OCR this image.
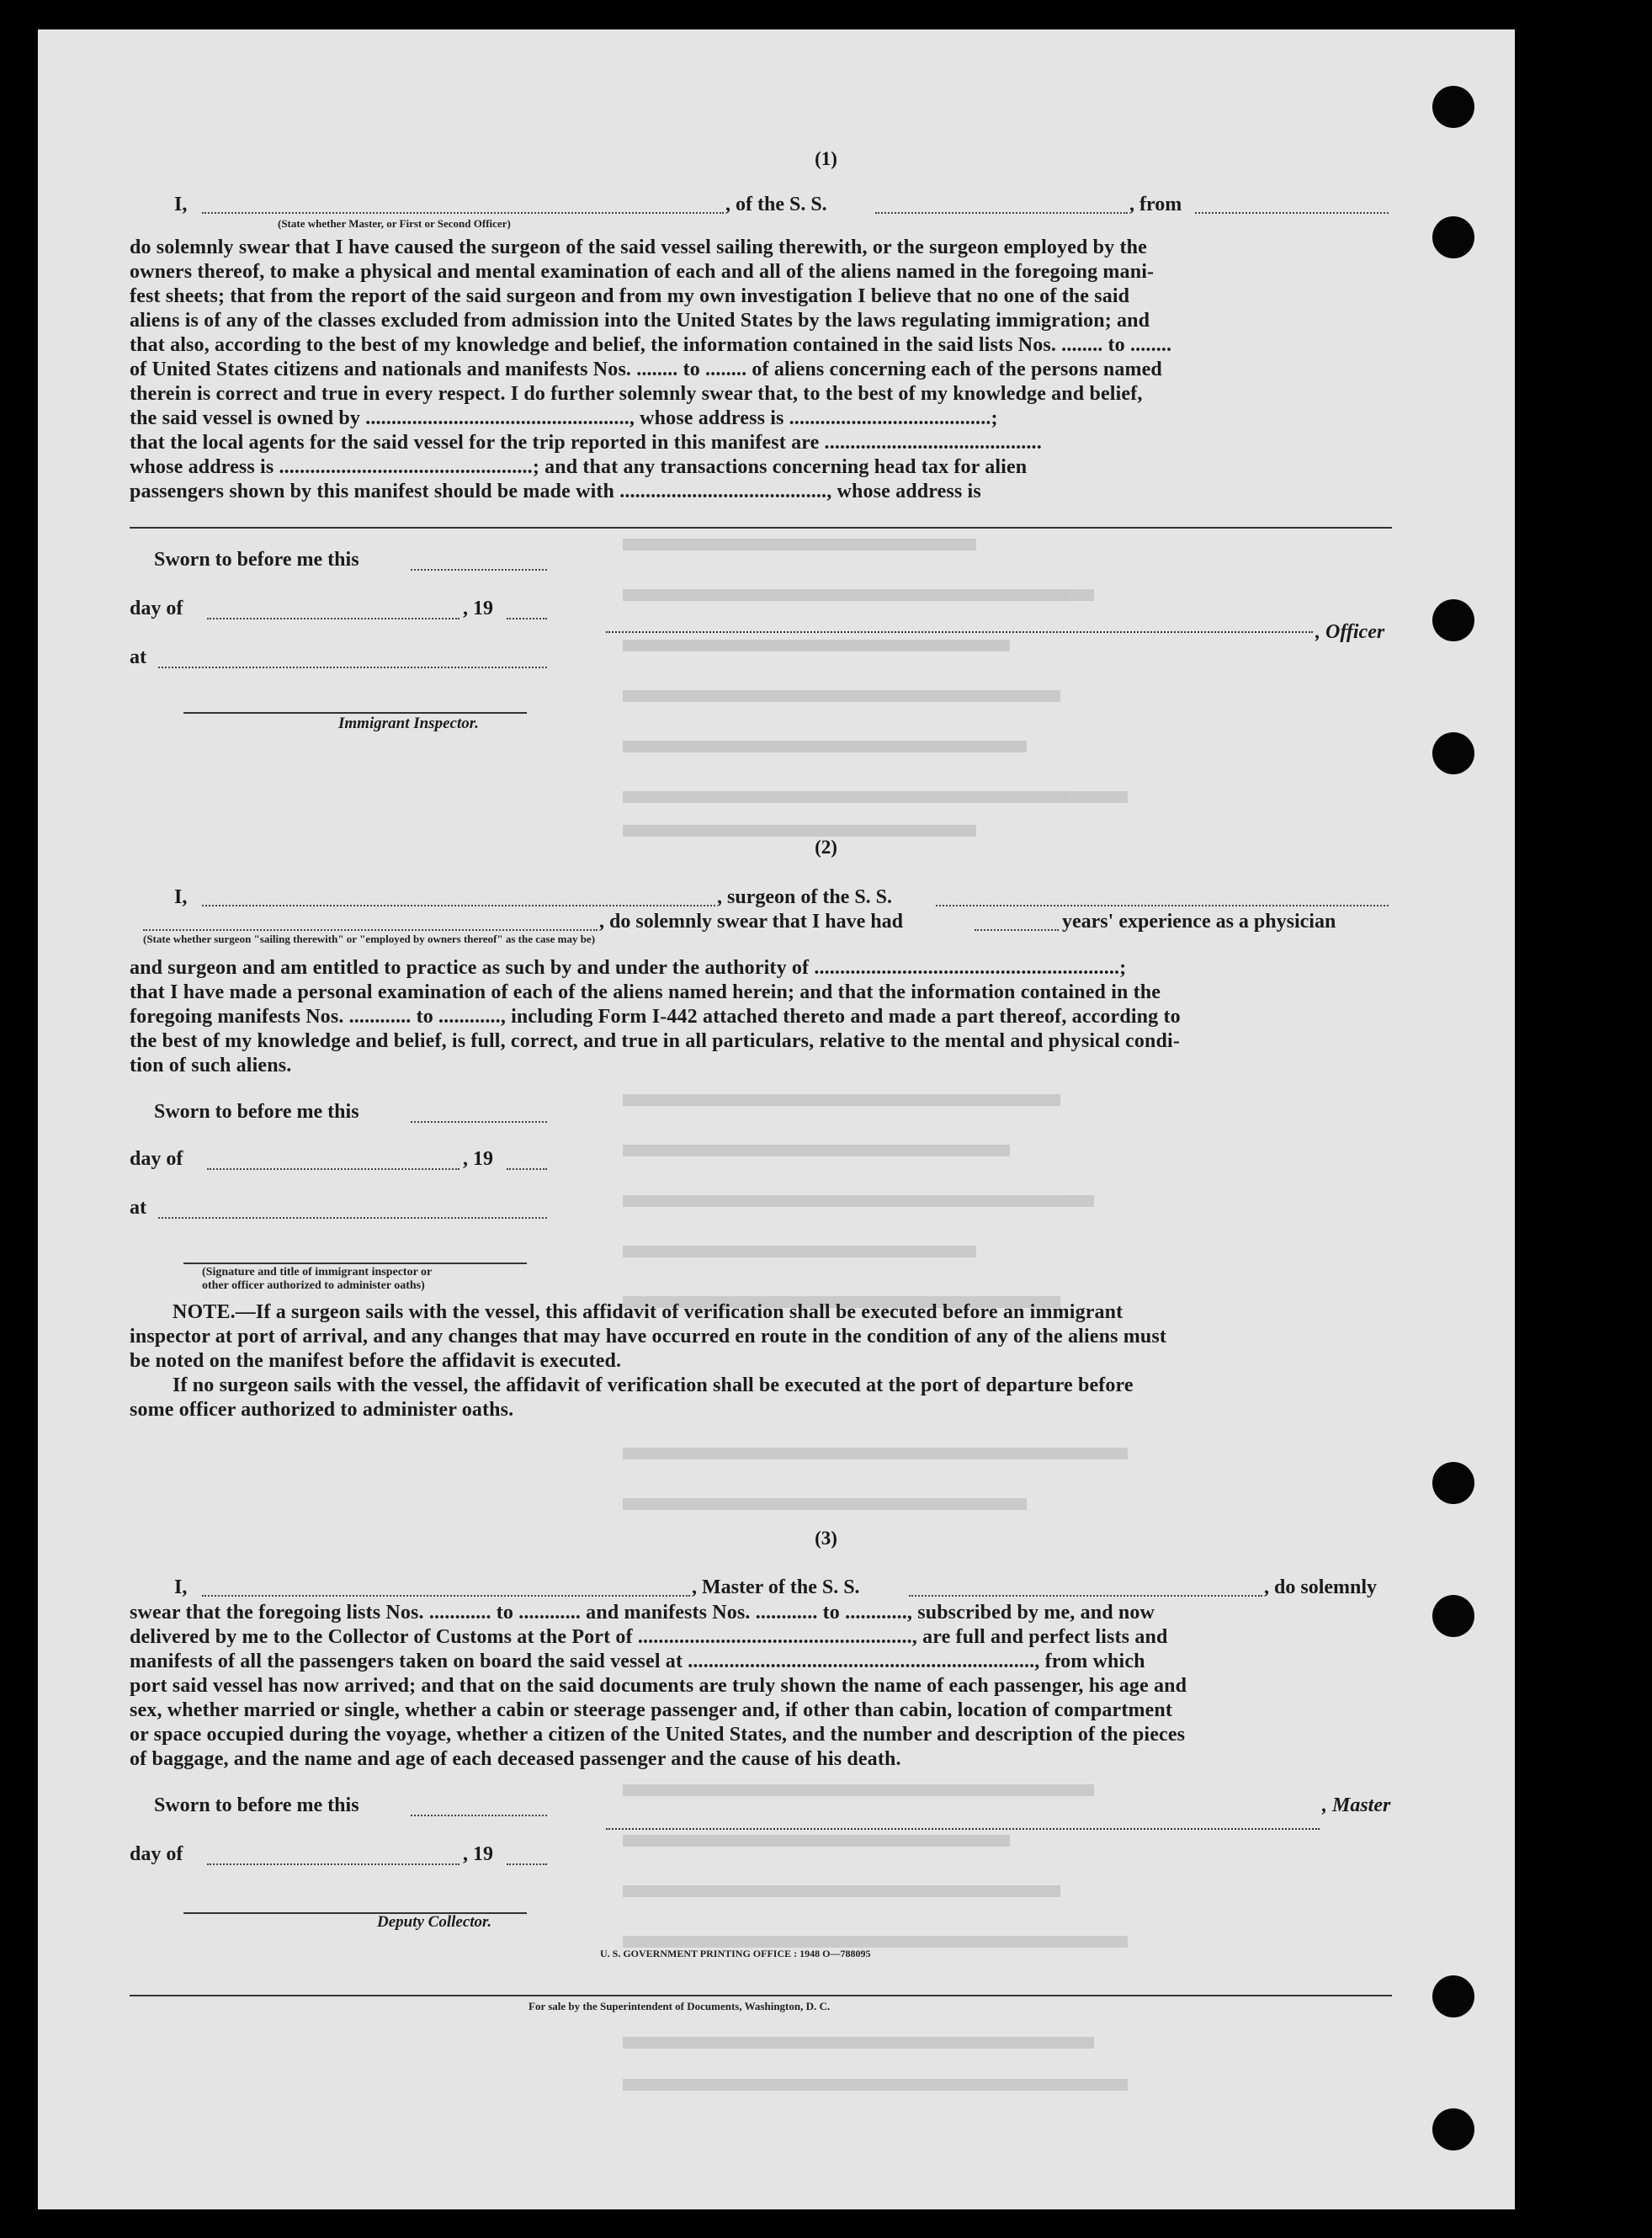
(1)
I,	, of the S. S.	, from
(State whether Master, or First or Second Officer)
do solemnly swear that I have caused the surgeon of the said vessel sailing therewith, or the surgeon employed by the
owners thereof, to make a physical and mental examination of each and all of the aliens named in the foregoing mani-
fest sheets; that from the report of the said surgeon and from my own investigation I believe that no one of the said
aliens is of any of the classes excluded from admission into the United States by the laws regulating immigration; and
that also, according to the best of my knowledge and belief, the information contained in the said lists Nos. ........ to ........
of United States citizens and nationals and manifests Nos. ........ to ........ of aliens concerning each of the persons named
therein is correct and true in every respect. I do further solemnly swear that, to the best of my knowledge and belief,
the said vessel is owned by ..................................................., whose address is .......................................;
that the local agents for the said vessel for the trip reported in this manifest are ..........................................
whose address is .................................................; and that any transactions concerning head tax for alien
passengers shown by this manifest should be made with ........................................, whose address is
Sworn to before me this
day of	, 19
, Officer
at
Immigrant Inspector.
(2)
I,	, surgeon of the S. S.
, do solemnly swear that I have had	years' experience as a physician
(State whether surgeon "sailing therewith" or "employed by owners thereof" as the case may be)
and surgeon and am entitled to practice as such by and under the authority of ...........................................................;
that I have made a personal examination of each of the aliens named herein; and that the information contained in the
foregoing manifests Nos. ............ to ............, including Form I-442 attached thereto and made a part thereof, according to
the best of my knowledge and belief, is full, correct, and true in all particulars, relative to the mental and physical condi-
tion of such aliens.
Sworn to before me this
day of	, 19
at
(Signature and title of immigrant inspector or
other officer authorized to administer oaths)
NOTE.—If a surgeon sails with the vessel, this affidavit of verification shall be executed before an immigrant
inspector at port of arrival, and any changes that may have occurred en route in the condition of any of the aliens must
be noted on the manifest before the affidavit is executed.
If no surgeon sails with the vessel, the affidavit of verification shall be executed at the port of departure before
some officer authorized to administer oaths.
(3)
I,	, Master of the S. S.	, do solemnly
swear that the foregoing lists Nos. ............ to ............ and manifests Nos. ............ to ............, subscribed by me, and now
delivered by me to the Collector of Customs at the Port of ....................................................., are full and perfect lists and
manifests of all the passengers taken on board the said vessel at ..................................................................., from which
port said vessel has now arrived; and that on the said documents are truly shown the name of each passenger, his age and
sex, whether married or single, whether a cabin or steerage passenger and, if other than cabin, location of compartment
or space occupied during the voyage, whether a citizen of the United States, and the number and description of the pieces
of baggage, and the name and age of each deceased passenger and the cause of his death.
Sworn to before me this	, Master
day of	, 19
Deputy Collector.
U. S. GOVERNMENT PRINTING OFFICE : 1948 O—788095
For sale by the Superintendent of Documents, Washington, D. C.
